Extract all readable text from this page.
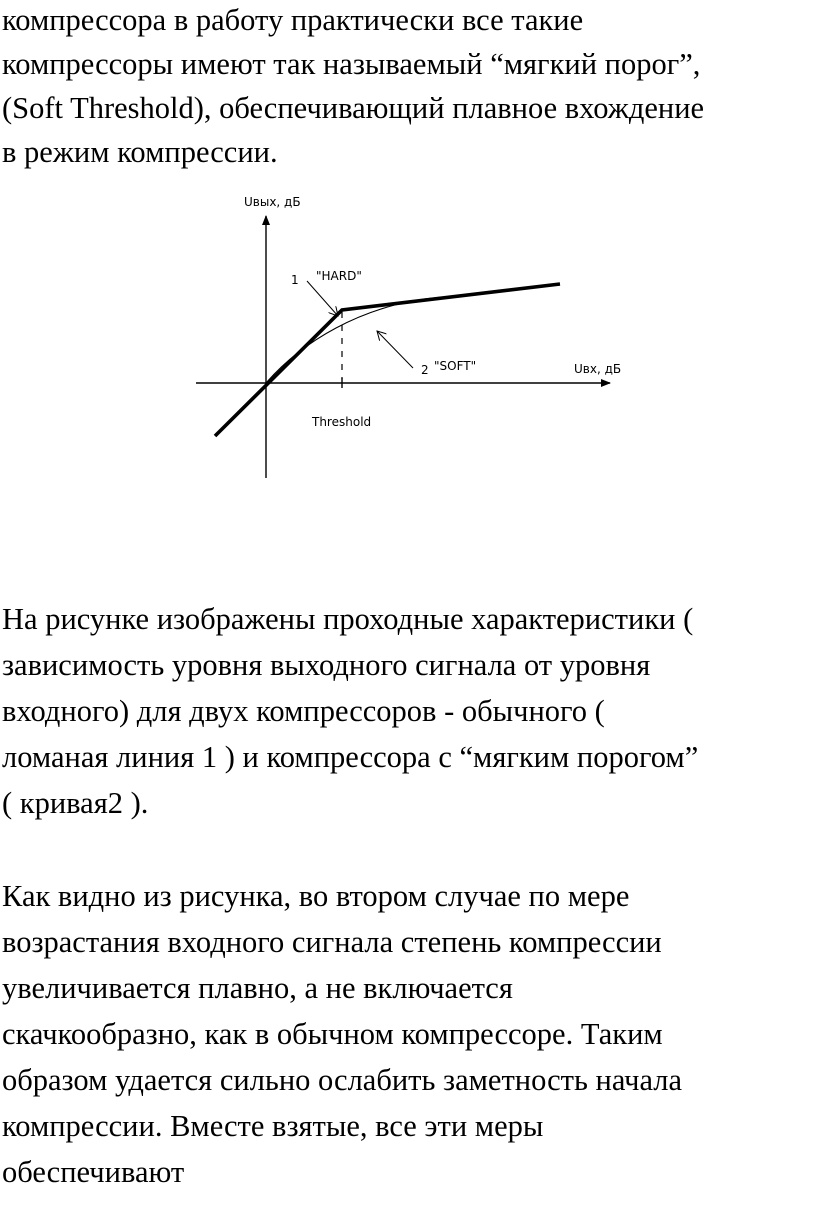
компрессора в работу практически все такие
компрессоры имеют так называемый “мягкий порог”,
(Soft Threshold), обеспечивающий плавное вхождение
в режим компрессии.

Uвых, дБ
Uвх, дБ
1 "HARD"
2 "SOFT"
Threshold

На рисунке изображены проходные характеристики (
зависимость уровня выходного сигнала от уровня
входного) для двух компрессоров - обычного (
ломаная линия 1 ) и компрессора с “мягким порогом”
( кривая2 ).

Как видно из рисунка, во втором случае по мере
возрастания входного сигнала степень компрессии
увеличивается плавно, а не включается
скачкообразно, как в обычном компрессоре. Таким
образом удается сильно ослабить заметность начала
компрессии. Вместе взятые, все эти меры
обеспечивают
